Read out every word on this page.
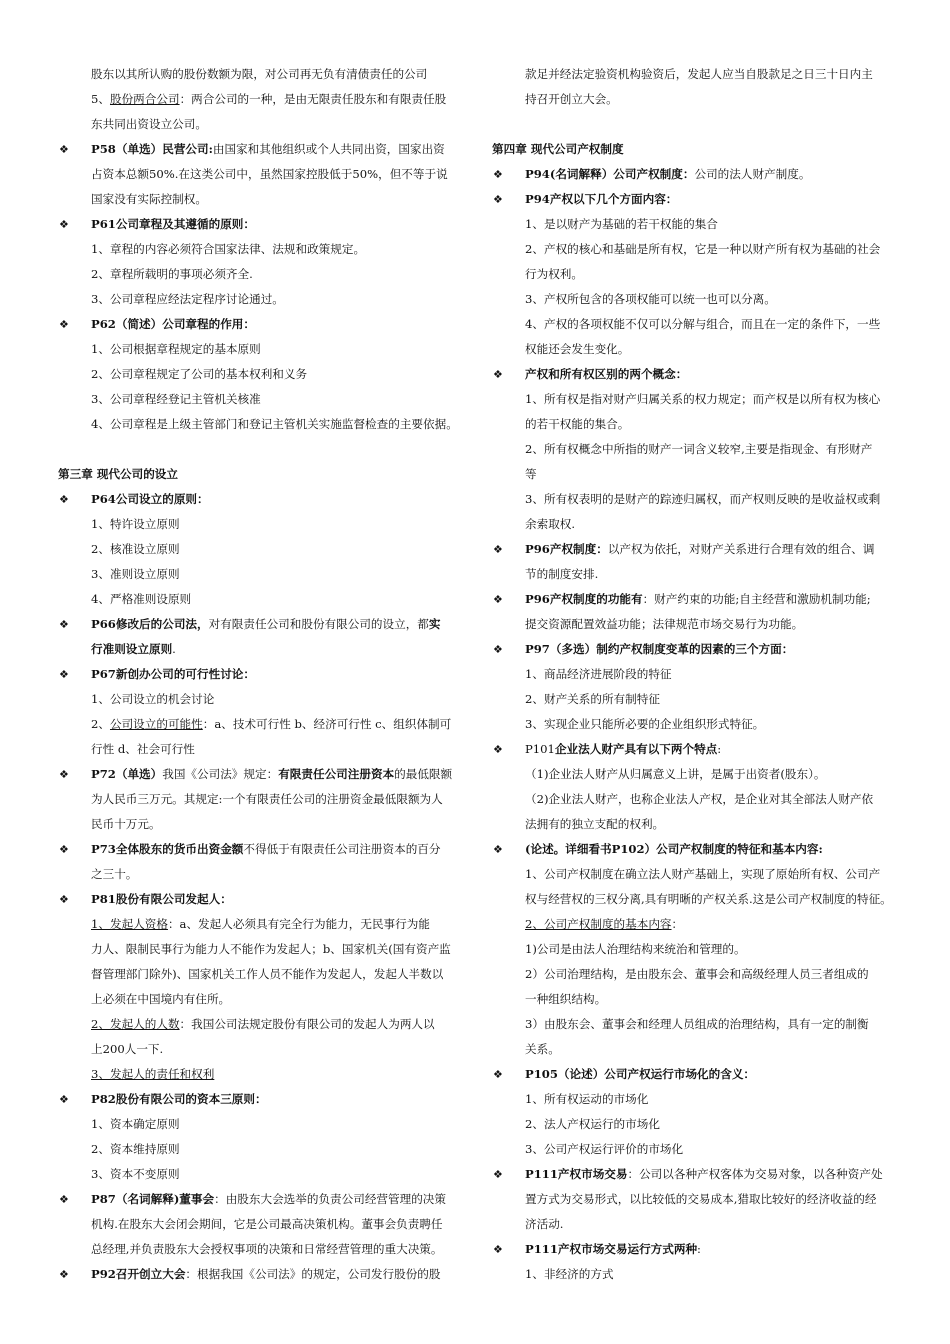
股东以其所认购的股份数额为限，对公司再无负有清债责任的公司
5、股份两合公司：两合公司的一种，是由无限责任股东和有限责任股
东共同出资设立公司。
❖ P58（单选）民营公司:由国家和其他组织或个人共同出资，国家出资
占资本总额50%.在这类公司中，虽然国家控股低于50%，但不等于说
国家没有实际控制权。
❖ P61公司章程及其遵循的原则：
1、章程的内容必须符合国家法律、法规和政策规定。
2、章程所载明的事项必须齐全.
3、公司章程应经法定程序讨论通过。
❖ P62（简述）公司章程的作用：
1、公司根据章程规定的基本原则
2、公司章程规定了公司的基本权利和义务
3、公司章程经登记主管机关核准
4、公司章程是上级主管部门和登记主管机关实施监督检查的主要依据。
第三章 现代公司的设立
❖ P64公司设立的原则：
1、特许设立原则
2、核准设立原则
3、准则设立原则
4、严格准则设原则
❖ P66修改后的公司法，对有限责任公司和股份有限公司的设立，都实
行准则设立原则.
❖ P67新创办公司的可行性讨论：
1、公司设立的机会讨论
2、公司设立的可能性：a、技术可行性 b、经济可行性 c、组织体制可
行性 d、社会可行性
❖ P72（单选）我国《公司法》规定：有限责任公司注册资本的最低限额
为人民币三万元。其规定:一个有限责任公司的注册资金最低限额为人
民币十万元。
❖ P73全体股东的货币出资金额不得低于有限责任公司注册资本的百分
之三十。
❖ P81股份有限公司发起人：
1、发起人资格：a、发起人必须具有完全行为能力，无民事行为能
力人、限制民事行为能力人不能作为发起人；b、国家机关(国有资产监
督管理部门除外)、国家机关工作人员不能作为发起人，发起人半数以
上必须在中国境内有住所。
2、发起人的人数：我国公司法规定股份有限公司的发起人为两人以
上200人一下.
3、发起人的责任和权利
❖ P82股份有限公司的资本三原则：
1、资本确定原则
2、资本维持原则
3、资本不变原则
❖ P87（名词解释)董事会：由股东大会选举的负责公司经营管理的决策
机构.在股东大会闭会期间，它是公司最高决策机构。董事会负责聘任
总经理,并负责股东大会授权事项的决策和日常经营管理的重大决策。
❖ P92召开创立大会：根据我国《公司法》的规定，公司发行股份的股
款足并经法定验资机构验资后，发起人应当自股款足之日三十日内主
持召开创立大会。
第四章 现代公司产权制度
❖ P94(名词解释）公司产权制度：公司的法人财产制度。
❖ P94产权以下几个方面内容：
1、是以财产为基础的若干权能的集合
2、产权的核心和基础是所有权，它是一种以财产所有权为基础的社会
行为权利。
3、产权所包含的各项权能可以统一也可以分离。
4、产权的各项权能不仅可以分解与组合，而且在一定的条件下，一些
权能还会发生变化。
❖ 产权和所有权区别的两个概念：
1、所有权是指对财产归属关系的权力规定；而产权是以所有权为核心
的若干权能的集合。
2、所有权概念中所指的财产一词含义较窄,主要是指现金、有形财产
等
3、所有权表明的是财产的踪迹归属权，而产权则反映的是收益权或剩
余索取权.
❖ P96产权制度：以产权为依托，对财产关系进行合理有效的组合、调
节的制度安排.
❖ P96产权制度的功能有：财产约束的功能;自主经营和激励机制功能;
提交资源配置效益功能；法律规范市场交易行为功能。
❖ P97（多选）制约产权制度变革的因素的三个方面：
1、商品经济进展阶段的特征
2、财产关系的所有制特征
3、实现企业只能所必要的企业组织形式特征。
❖ P101企业法人财产具有以下两个特点:
（1)企业法人财产从归属意义上讲，是属于出资者(股东）。
（2)企业法人财产，也称企业法人产权，是企业对其全部法人财产依
法拥有的独立支配的权利。
❖ (论述。详细看书P102）公司产权制度的特征和基本内容:
1、公司产权制度在确立法人财产基础上，实现了原始所有权、公司产
权与经营权的三权分离,具有明晰的产权关系.这是公司产权制度的特征。
2、公司产权制度的基本内容：
1)公司是由法人治理结构来统治和管理的。
2）公司治理结构，是由股东会、董事会和高级经理人员三者组成的
一种组织结构。
3）由股东会、董事会和经理人员组成的治理结构，具有一定的制衡
关系。
❖ P105（论述）公司产权运行市场化的含义：
1、所有权运动的市场化
2、法人产权运行的市场化
3、公司产权运行评价的市场化
❖ P111产权市场交易：公司以各种产权客体为交易对象，以各种资产处
置方式为交易形式，以比较低的交易成本,猎取比较好的经济收益的经
济活动.
❖ P111产权市场交易运行方式两种:
1、非经济的方式
